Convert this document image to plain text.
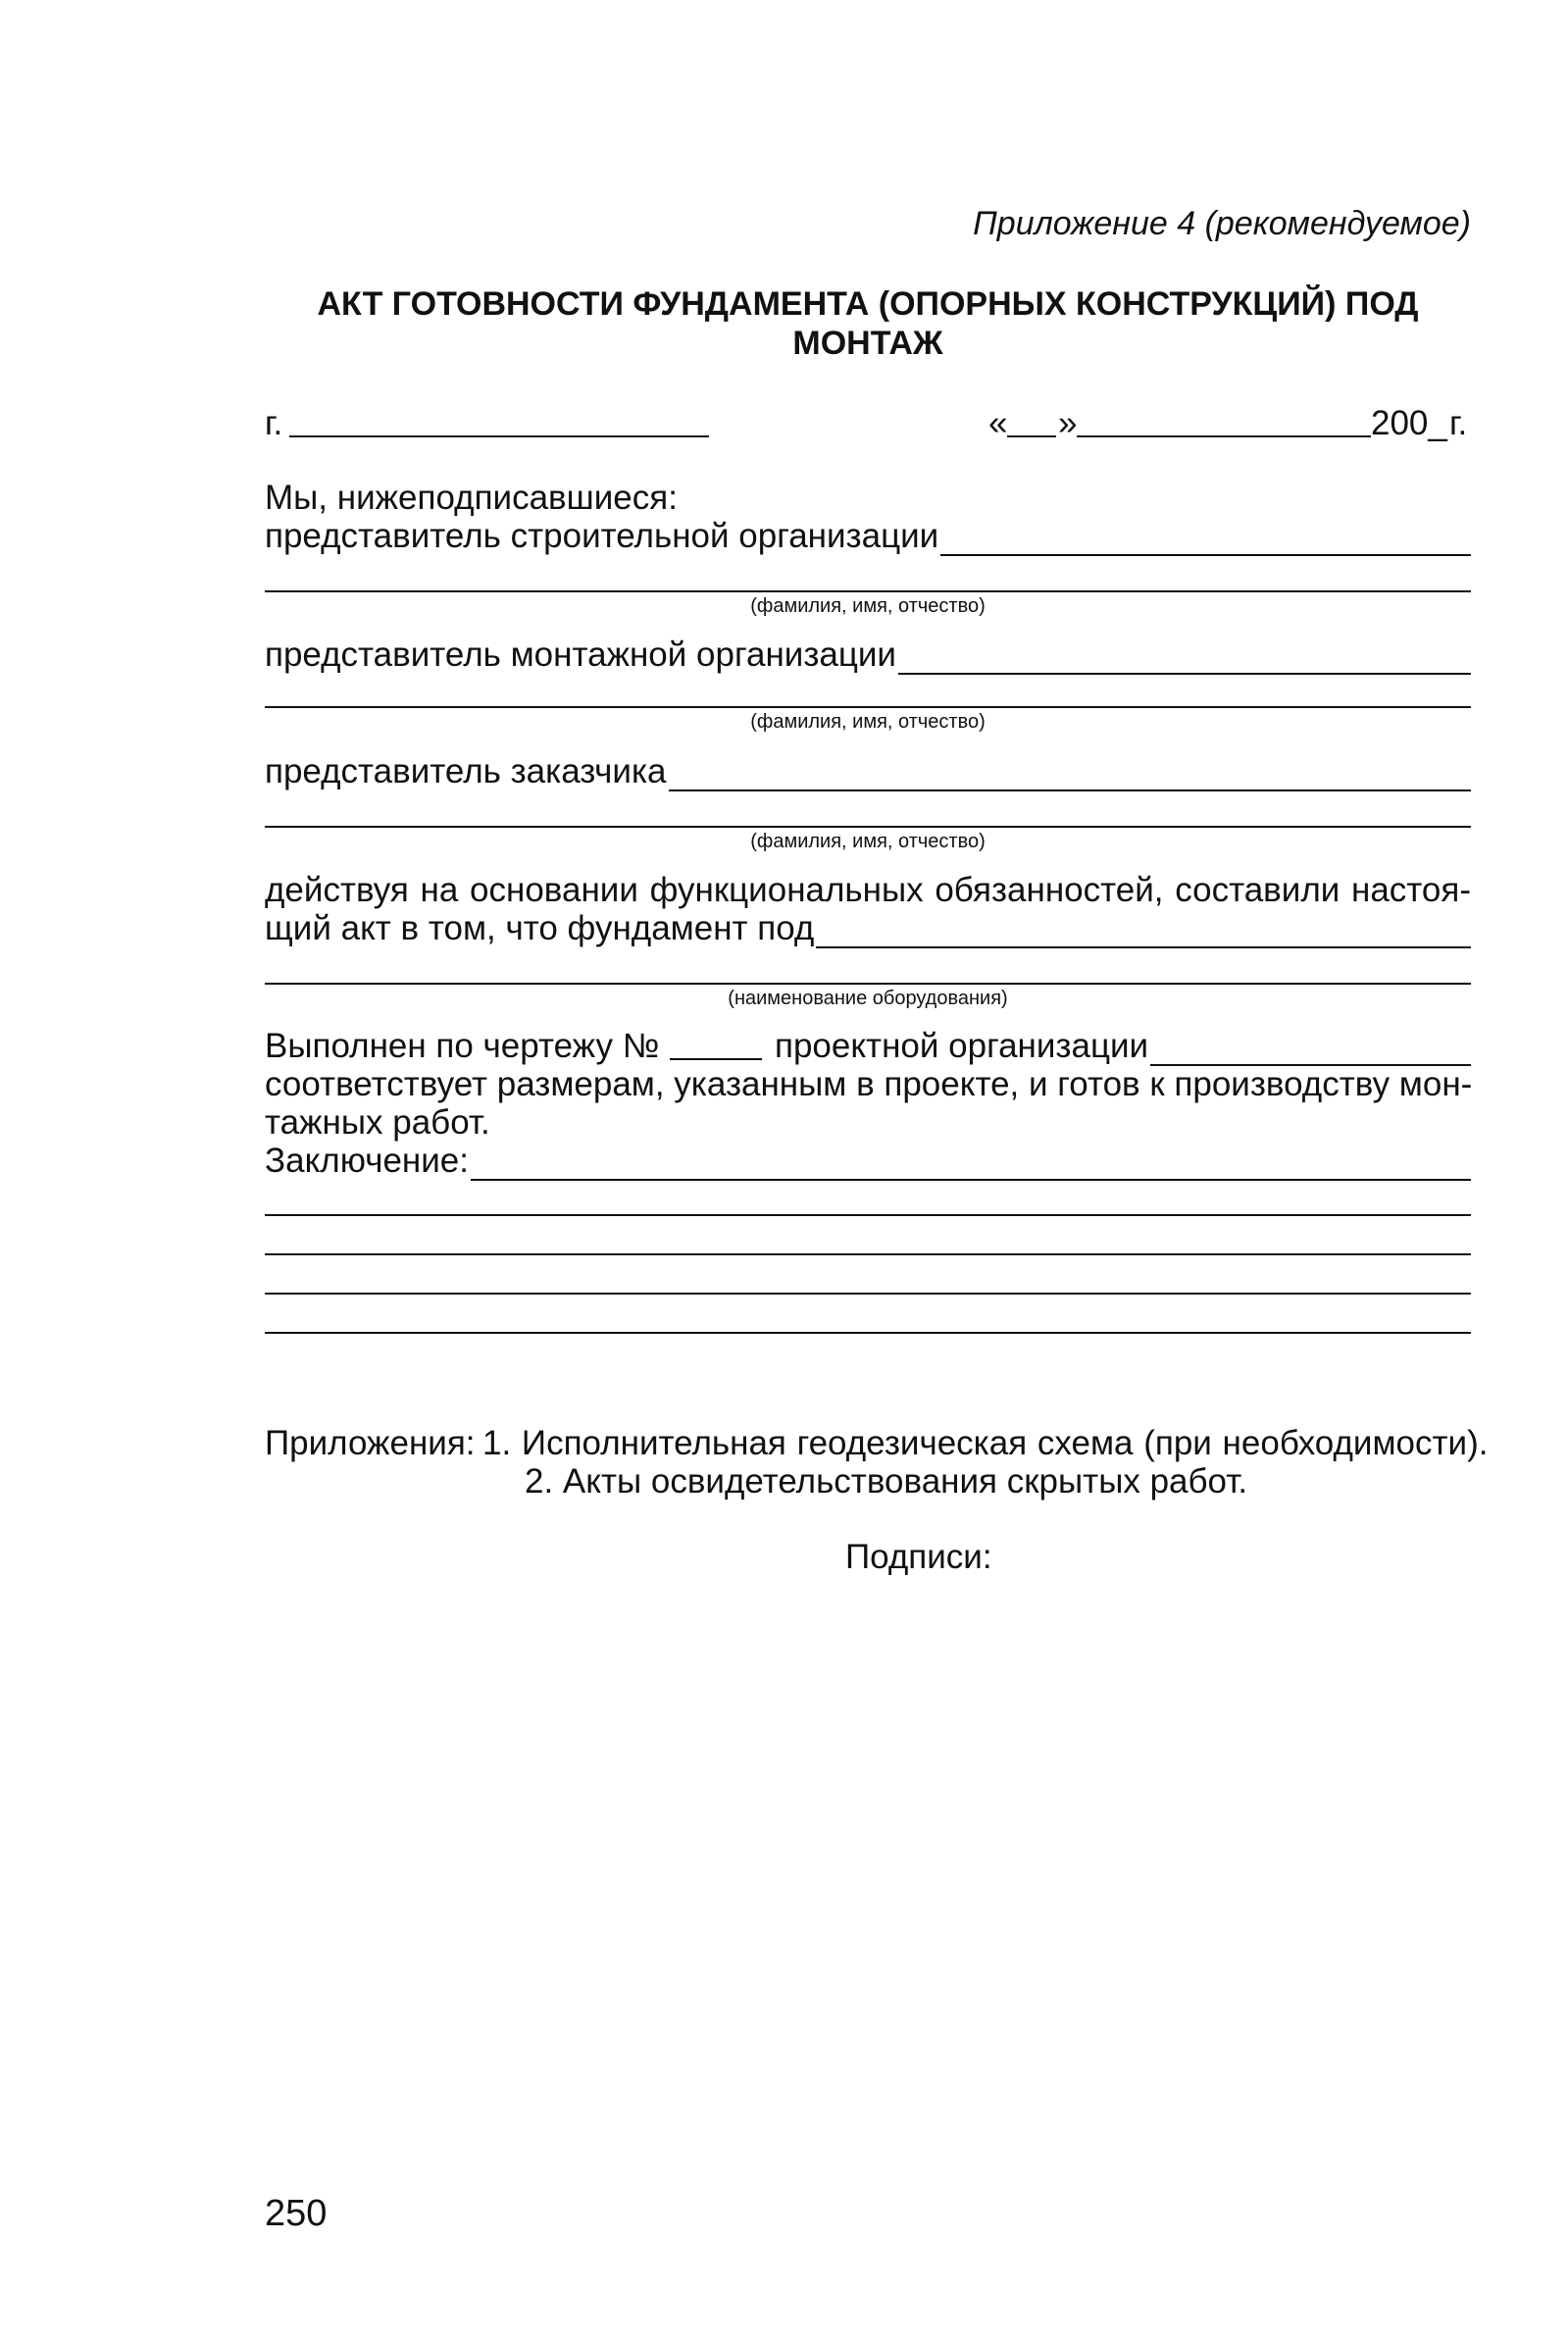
Приложение 4 (рекомендуемое)
АКТ ГОТОВНОСТИ ФУНДАМЕНТА (ОПОРНЫХ КОНСТРУКЦИЙ) ПОД
МОНТАЖ
г.	« »	200_ г.
Мы, нижеподписавшиеся:
представитель строительной организации
(фамилия, имя, отчество)
представитель монтажной организации
(фамилия, имя, отчество)
представитель заказчика
(фамилия, имя, отчество)
действуя на основании функциональных обязанностей, составили настоя-
щий акт в том, что фундамент под
(наименование оборудования)
Выполнен по чертежу №	проектной организации
соответствует размерам, указанным в проекте, и готов к производству мон-
тажных работ.
Заключение:
Приложения: 1. Исполнительная геодезическая схема (при необходимости).
2. Акты освидетельствования скрытых работ.
Подписи:
250
